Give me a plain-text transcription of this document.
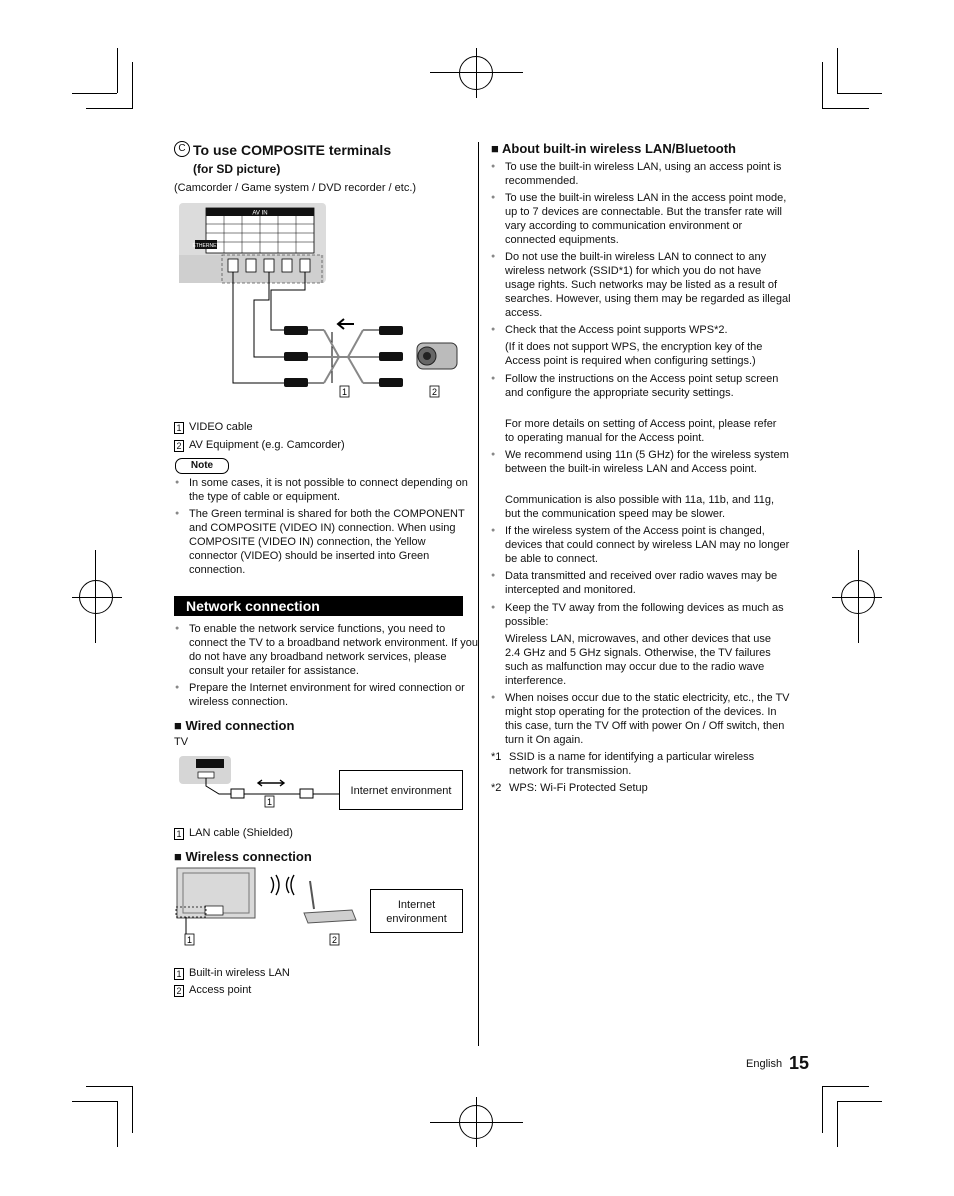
C To use COMPOSITE terminals
(for SD picture)
(Camcorder / Game system / DVD recorder / etc.)
AV IN
ETHERNET
1	2
1 VIDEO cable
2 AV Equipment (e.g. Camcorder)
Note
● In some cases, it is not possible to connect depending on the type of cable or equipment.
● The Green terminal is shared for both the COMPONENT and COMPOSITE (VIDEO IN) connection. When using COMPOSITE (VIDEO IN) connection, the Yellow connector (VIDEO) should be inserted into Green connection.
Network connection
● To enable the network service functions, you need to connect the TV to a broadband network environment. If you do not have any broadband network services, please consult your retailer for assistance.
● Prepare the Internet environment for wired connection or wireless connection.
■ Wired connection
TV
1
Internet environment
1 LAN cable (Shielded)
■ Wireless connection
1	2
Internet environment
1 Built-in wireless LAN
2 Access point
■ About built-in wireless LAN/Bluetooth
● To use the built-in wireless LAN, using an access point is recommended.
● To use the built-in wireless LAN in the access point mode, up to 7 devices are connectable. But the transfer rate will vary according to communication environment or connected equipments.
● Do not use the built-in wireless LAN to connect to any wireless network (SSID*1) for which you do not have usage rights. Such networks may be listed as a result of searches. However, using them may be regarded as illegal access.
● Check that the Access point supports WPS*2.
(If it does not support WPS, the encryption key of the Access point is required when configuring settings.)
● Follow the instructions on the Access point setup screen and configure the appropriate security settings.
For more details on setting of Access point, please refer to operating manual for the Access point.
● We recommend using 11n (5 GHz) for the wireless system between the built-in wireless LAN and Access point.
Communication is also possible with 11a, 11b, and 11g, but the communication speed may be slower.
● If the wireless system of the Access point is changed, devices that could connect by wireless LAN may no longer be able to connect.
● Data transmitted and received over radio waves may be intercepted and monitored.
● Keep the TV away from the following devices as much as possible:
Wireless LAN, microwaves, and other devices that use 2.4 GHz and 5 GHz signals. Otherwise, the TV failures such as malfunction may occur due to the radio wave interference.
● When noises occur due to the static electricity, etc., the TV might stop operating for the protection of the devices. In this case, turn the TV Off with power On / Off switch, then turn it On again.
*1 SSID is a name for identifying a particular wireless network for transmission.
*2 WPS: Wi-Fi Protected Setup
English 15
